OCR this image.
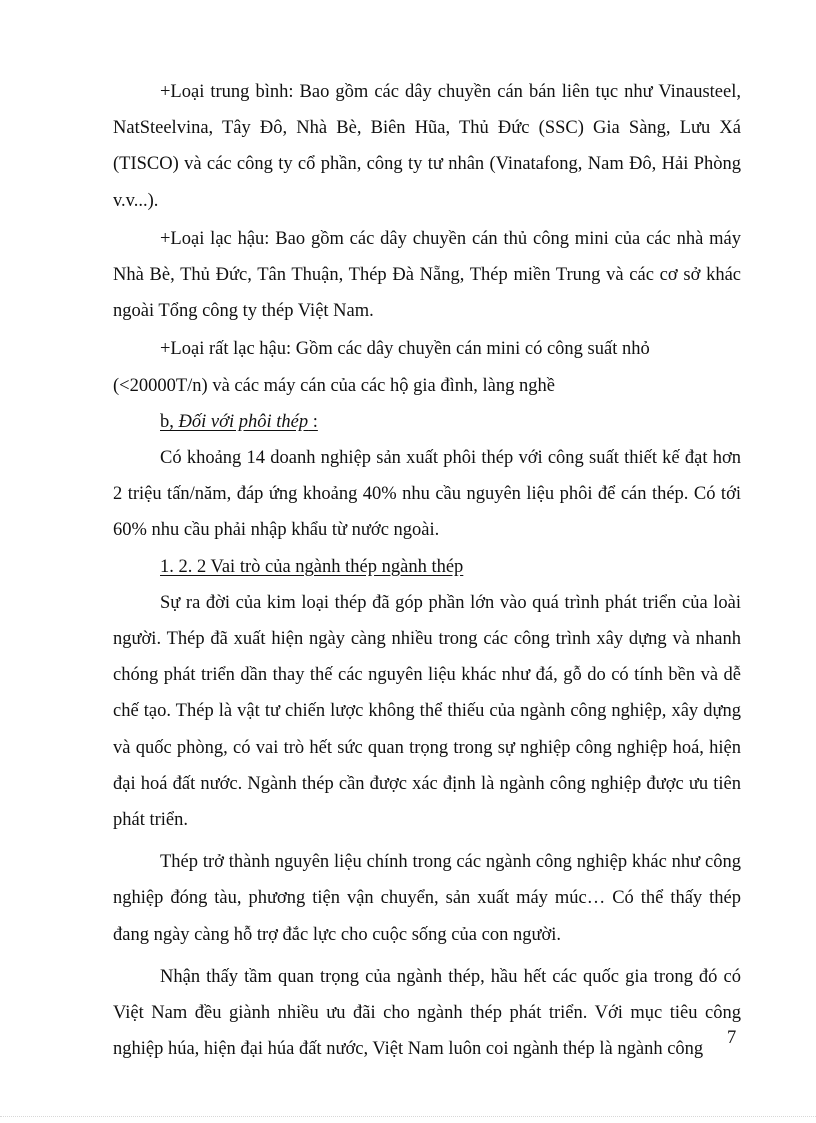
+Loại trung bình: Bao gồm các dây chuyền cán bán liên tục như Vinausteel, NatSteelvina, Tây Đô, Nhà Bè, Biên Hũa, Thủ Đức (SSC) Gia Sàng, Lưu Xá (TISCO) và các công ty cổ phần, công ty tư nhân (Vinatafong, Nam Đô, Hải Phòng v.v...).

+Loại lạc hậu: Bao gồm các dây chuyền cán thủ công mini của các nhà máy Nhà Bè, Thủ Đức, Tân Thuận, Thép Đà Nẵng, Thép miền Trung và các cơ sở khác ngoài Tổng công ty thép Việt Nam.

+Loại rất lạc hậu: Gồm các dây chuyền cán mini có công suất nhỏ (<20000T/n) và các máy cán của các hộ gia đình, làng nghề

b, Đối với phôi thép :

Có khoảng 14 doanh nghiệp sản xuất phôi thép với công suất thiết kế đạt hơn 2 triệu tấn/năm, đáp ứng khoảng 40% nhu cầu nguyên liệu phôi để cán thép. Có tới 60% nhu cầu phải nhập khẩu từ nước ngoài.

1. 2. 2 Vai trò của ngành thép ngành thép

Sự ra đời của kim loại thép đã góp phần lớn vào quá trình phát triển của loài người. Thép đã xuất hiện ngày càng nhiều trong các công trình xây dựng và nhanh chóng phát triển dần thay thế các nguyên liệu khác như đá, gỗ do có tính bền và dễ chế tạo. Thép là vật tư chiến lược không thể thiếu của ngành công nghiệp, xây dựng và quốc phòng, có vai trò hết sức quan trọng trong sự nghiệp công nghiệp hoá, hiện đại hoá đất nước. Ngành thép cần được xác định là ngành công nghiệp được ưu tiên phát triển.

Thép trở thành nguyên liệu chính trong các ngành công nghiệp khác như công nghiệp đóng tàu, phương tiện vận chuyển, sản xuất máy múc… Có thể thấy thép đang ngày càng hỗ trợ đắc lực cho cuộc sống của con người.

Nhận thấy tầm quan trọng của ngành thép, hầu hết các quốc gia trong đó có Việt Nam đều giành nhiều ưu đãi cho ngành thép phát triển. Với mục tiêu công nghiệp húa, hiện đại húa đất nước, Việt Nam luôn coi ngành thép là ngành công

7
